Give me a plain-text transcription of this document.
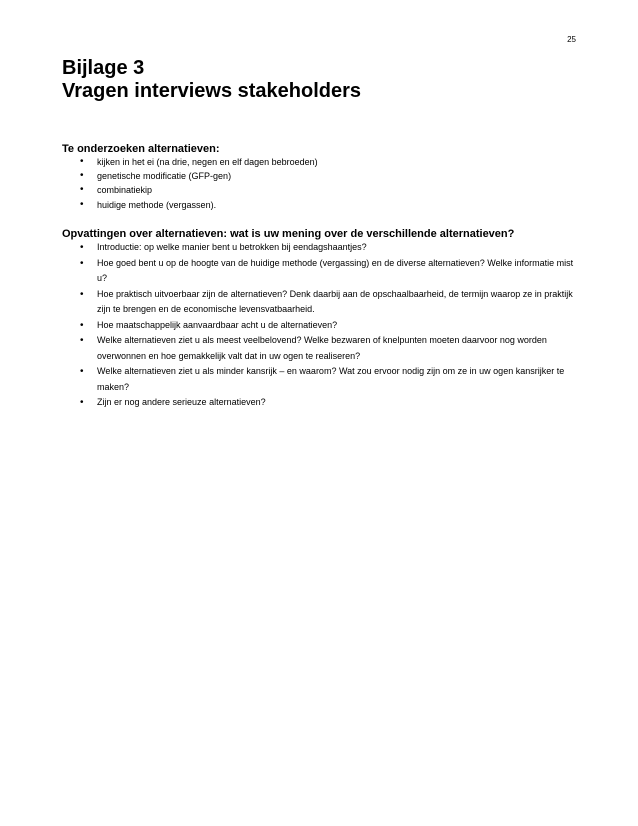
25
Bijlage 3
Vragen interviews stakeholders
Te onderzoeken alternatieven:
• kijken in het ei (na drie, negen en elf dagen bebroeden)
• genetische modificatie (GFP-gen)
• combinatiekip
• huidige methode (vergassen).
Opvattingen over alternatieven: wat is uw mening over de verschillende alternatieven?
• Introductie: op welke manier bent u betrokken bij eendagshaantjes?
• Hoe goed bent u op de hoogte van de huidige methode (vergassing) en de diverse alternatieven? Welke informatie mist u?
• Hoe praktisch uitvoerbaar zijn de alternatieven? Denk daarbij aan de opschaalbaarheid, de termijn waarop ze in praktijk zijn te brengen en de economische levensvatbaarheid.
• Hoe maatschappelijk aanvaardbaar acht u de alternatieven?
• Welke alternatieven ziet u als meest veelbelovend? Welke bezwaren of knelpunten moeten daarvoor nog worden overwonnen en hoe gemakkelijk valt dat in uw ogen te realiseren?
• Welke alternatieven ziet u als minder kansrijk – en waarom? Wat zou ervoor nodig zijn om ze in uw ogen kansrijker te maken?
• Zijn er nog andere serieuze alternatieven?
